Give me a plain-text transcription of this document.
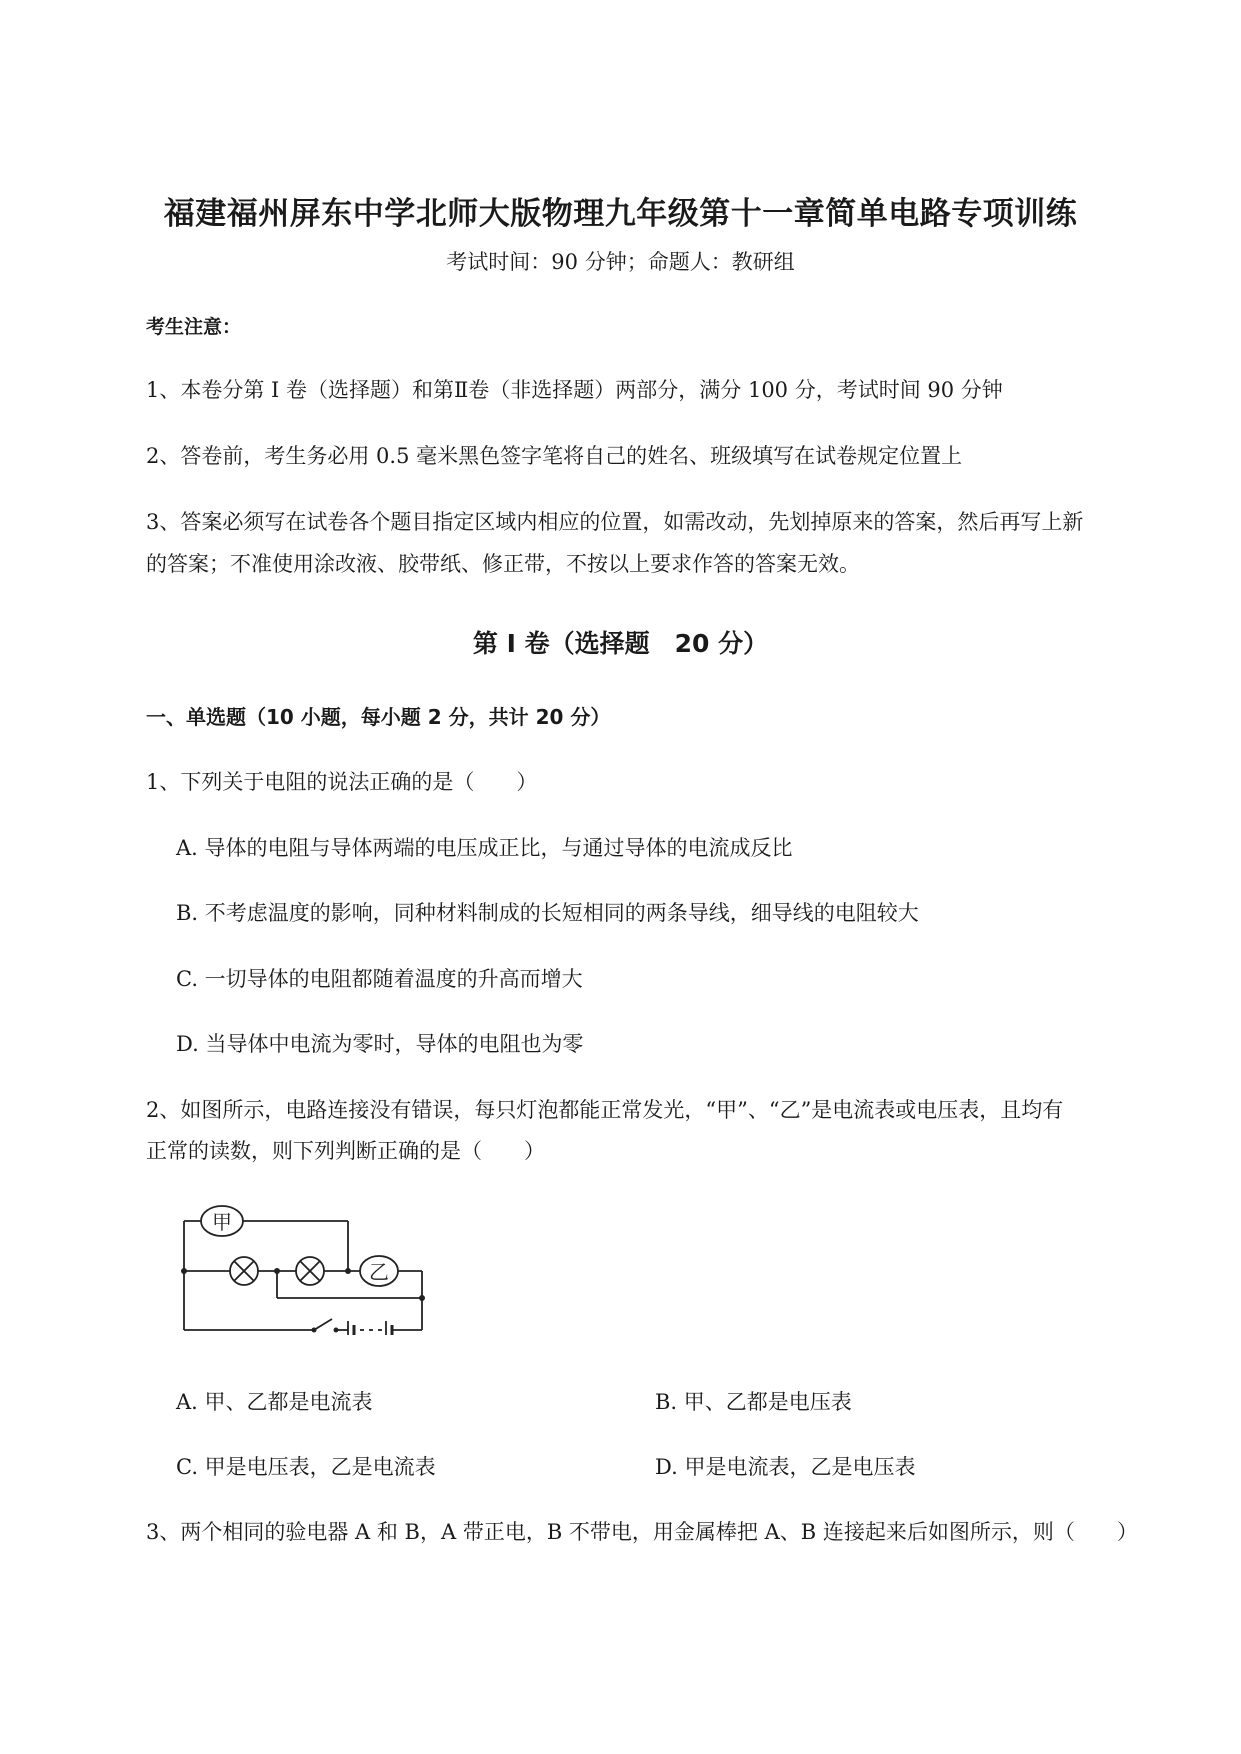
福建福州屏东中学北师大版物理九年级第十一章简单电路专项训练
考试时间：90 分钟；命题人：教研组
考生注意：
1、本卷分第 I 卷（选择题）和第Ⅱ卷（非选择题）两部分，满分 100 分，考试时间 90 分钟
2、答卷前，考生务必用 0.5 毫米黑色签字笔将自己的姓名、班级填写在试卷规定位置上
3、答案必须写在试卷各个题目指定区域内相应的位置，如需改动，先划掉原来的答案，然后再写上新
的答案；不准使用涂改液、胶带纸、修正带，不按以上要求作答的答案无效。
第 I 卷（选择题　20 分）
一、单选题（10 小题，每小题 2 分，共计 20 分）
1、下列关于电阻的说法正确的是（　　）
A. 导体的电阻与导体两端的电压成正比，与通过导体的电流成反比
B. 不考虑温度的影响，同种材料制成的长短相同的两条导线，细导线的电阻较大
C. 一切导体的电阻都随着温度的升高而增大
D. 当导体中电流为零时，导体的电阻也为零
2、如图所示，电路连接没有错误，每只灯泡都能正常发光，“甲”、“乙”是电流表或电压表，且均有
正常的读数，则下列判断正确的是（　　）
甲
乙
A. 甲、乙都是电流表	B. 甲、乙都是电压表
C. 甲是电压表，乙是电流表	D. 甲是电流表，乙是电压表
3、两个相同的验电器 A 和 B，A 带正电，B 不带电，用金属棒把 A、B 连接起来后如图所示，则（　　）
